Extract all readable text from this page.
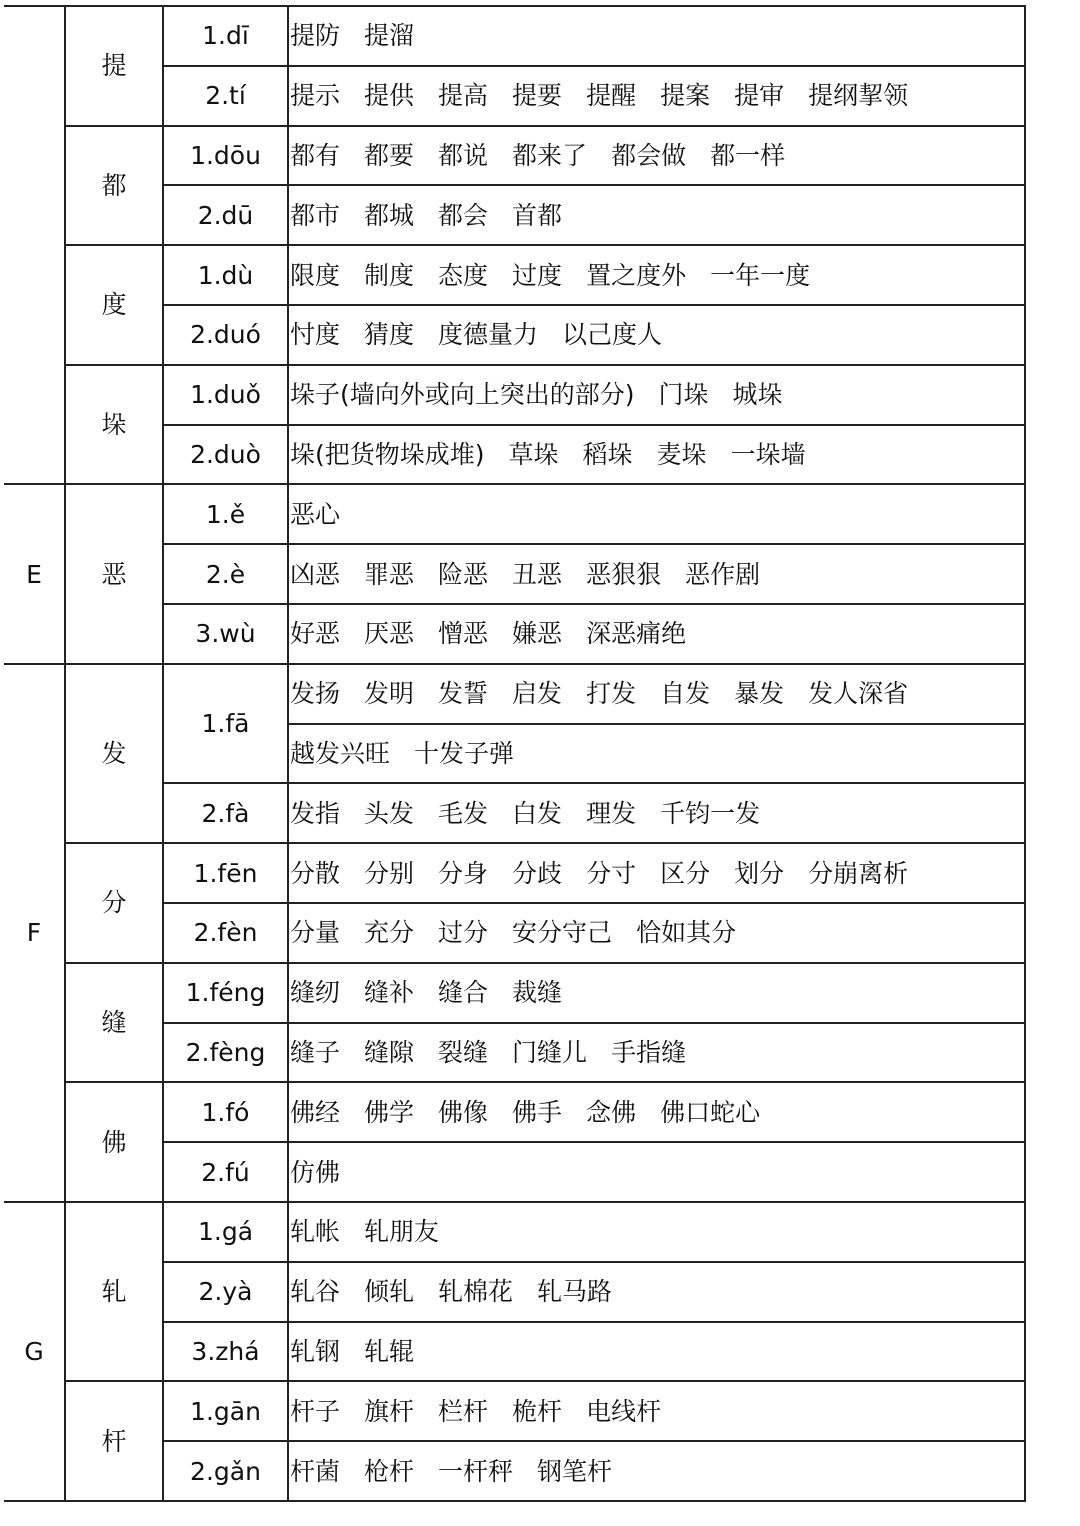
	提	1.dī	提防 提溜
		2.tí	提示 提供 提高 提要 提醒 提案 提审 提纲挈领
	都	1.dōu	都有 都要 都说 都来了 都会做 都一样
		2.dū	都市 都城 都会 首都
	度	1.dù	限度 制度 态度 过度 置之度外 一年一度
		2.duó	忖度 猜度 度德量力 以己度人
	垛	1.duǒ	垛子(墙向外或向上突出的部分) 门垛 城垛
		2.duò	垛(把货物垛成堆) 草垛 稻垛 麦垛 一垛墙
E	恶	1.ě	恶心
		2.è	凶恶 罪恶 险恶 丑恶 恶狠狠 恶作剧
		3.wù	好恶 厌恶 憎恶 嫌恶 深恶痛绝
F	发	1.fā	发扬 发明 发誓 启发 打发 自发 暴发 发人深省
			越发兴旺 十发子弹
		2.fà	发指 头发 毛发 白发 理发 千钧一发
	分	1.fēn	分散 分别 分身 分歧 分寸 区分 划分 分崩离析
		2.fèn	分量 充分 过分 安分守己 恰如其分
	缝	1.féng	缝纫 缝补 缝合 裁缝
		2.fèng	缝子 缝隙 裂缝 门缝儿 手指缝
	佛	1.fó	佛经 佛学 佛像 佛手 念佛 佛口蛇心
		2.fú	仿佛
G	轧	1.gá	轧帐 轧朋友
		2.yà	轧谷 倾轧 轧棉花 轧马路
		3.zhá	轧钢 轧辊
	杆	1.gān	杆子 旗杆 栏杆 桅杆 电线杆
		2.gǎn	杆菌 枪杆 一杆秤 钢笔杆
